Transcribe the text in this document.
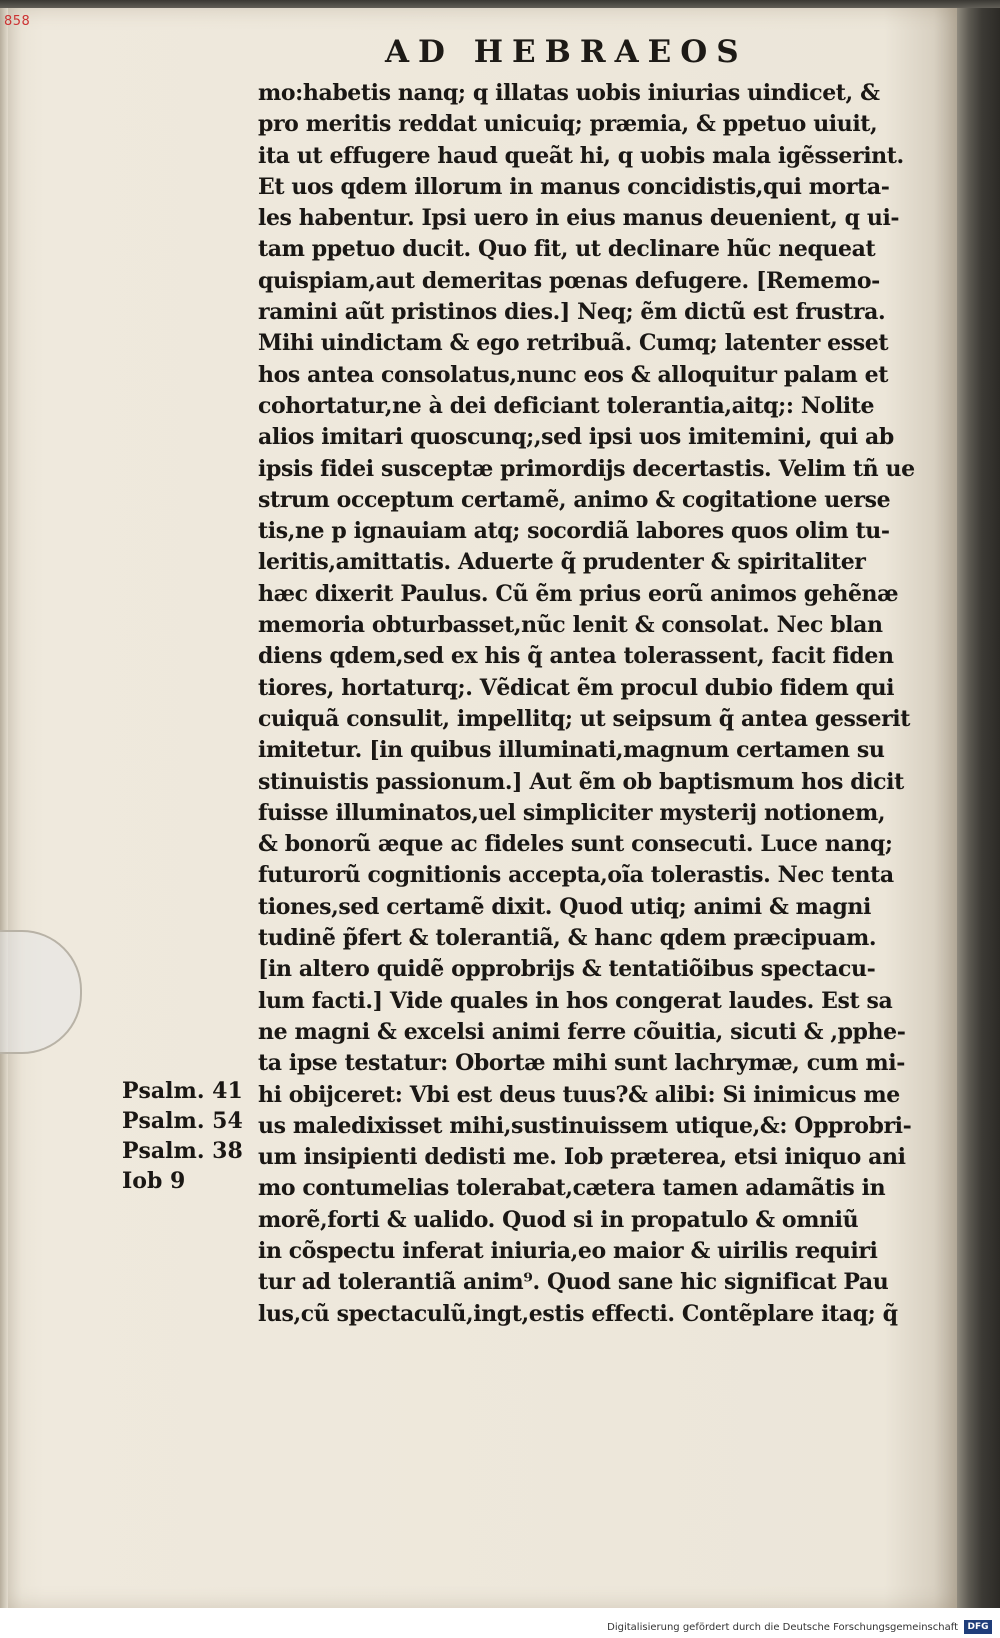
858
AD HEBRAEOS
mo:habetis nanq; q illatas uobis iniurias uindicet, &
pro meritis reddat unicuiq; præmia, & ppetuo uiuit,
ita ut effugere haud queãt hi, q uobis mala igẽsserint.
Et uos qdem illorum in manus concidistis,qui morta-
les habentur. Ipsi uero in eius manus deuenient, q ui-
tam ppetuo ducit. Quo fit, ut declinare hũc nequeat
quispiam,aut demeritas pœnas defugere. [Rememo-
ramini aũt pristinos dies.] Neq; ẽm dictũ est frustra.
Mihi uindictam & ego retribuã. Cumq; latenter esset
hos antea consolatus,nunc eos & alloquitur palam et
cohortatur,ne à dei deficiant tolerantia,aitq;: Nolite
alios imitari quoscunq;,sed ipsi uos imitemini, qui ab
ipsis fidei susceptæ primordijs decertastis. Velim tñ ue
strum occeptum certamẽ, animo & cogitatione uerse
tis,ne p ignauiam atq; socordiã labores quos olim tu-
leritis,amittatis. Aduerte q̃ prudenter & spiritaliter
hæc dixerit Paulus. Cũ ẽm prius eorũ animos gehẽnæ
memoria obturbasset,nũc lenit & consolat. Nec blan
diens qdem,sed ex his q̃ antea tolerassent, facit fiden
tiores, hortaturq;. Vẽdicat ẽm procul dubio fidem qui
cuiquã consulit, impellitq; ut seipsum q̃ antea gesserit
imitetur. [in quibus illuminati,magnum certamen su
stinuistis passionum.] Aut ẽm ob baptismum hos dicit
fuisse illuminatos,uel simpliciter mysterij notionem,
& bonorũ æque ac fideles sunt consecuti. Luce nanq;
futurorũ cognitionis accepta,oĩa tolerastis. Nec tenta
tiones,sed certamẽ dixit. Quod utiq; animi & magni
tudinẽ p̃fert & tolerantiã, & hanc qdem præcipuam.
[in altero quidẽ opprobrijs & tentatiõibus spectacu-
lum facti.] Vide quales in hos congerat laudes. Est sa
ne magni & excelsi animi ferre cõuitia, sicuti & ,pphe-
ta ipse testatur: Obortæ mihi sunt lachrymæ, cum mi-
hi obijceret: Vbi est deus tuus?& alibi: Si inimicus me
us maledixisset mihi,sustinuissem utique,&: Opprobri-
um insipienti dedisti me. Iob præterea, etsi iniquo ani
mo contumelias tolerabat,cætera tamen adamãtis in
morẽ,forti & ualido. Quod si in propatulo & omniũ
in cõspectu inferat iniuria,eo maior & uirilis requiri
tur ad tolerantiã anim⁹. Quod sane hic significat Pau
lus,cũ spectaculũ,ingt,estis effecti. Contẽplare itaq; q̃
Psalm. 41
Psalm. 54
Psalm. 38
Iob 9
Digitalisierung gefördert durch die Deutsche Forschungsgemeinschaft	DFG
